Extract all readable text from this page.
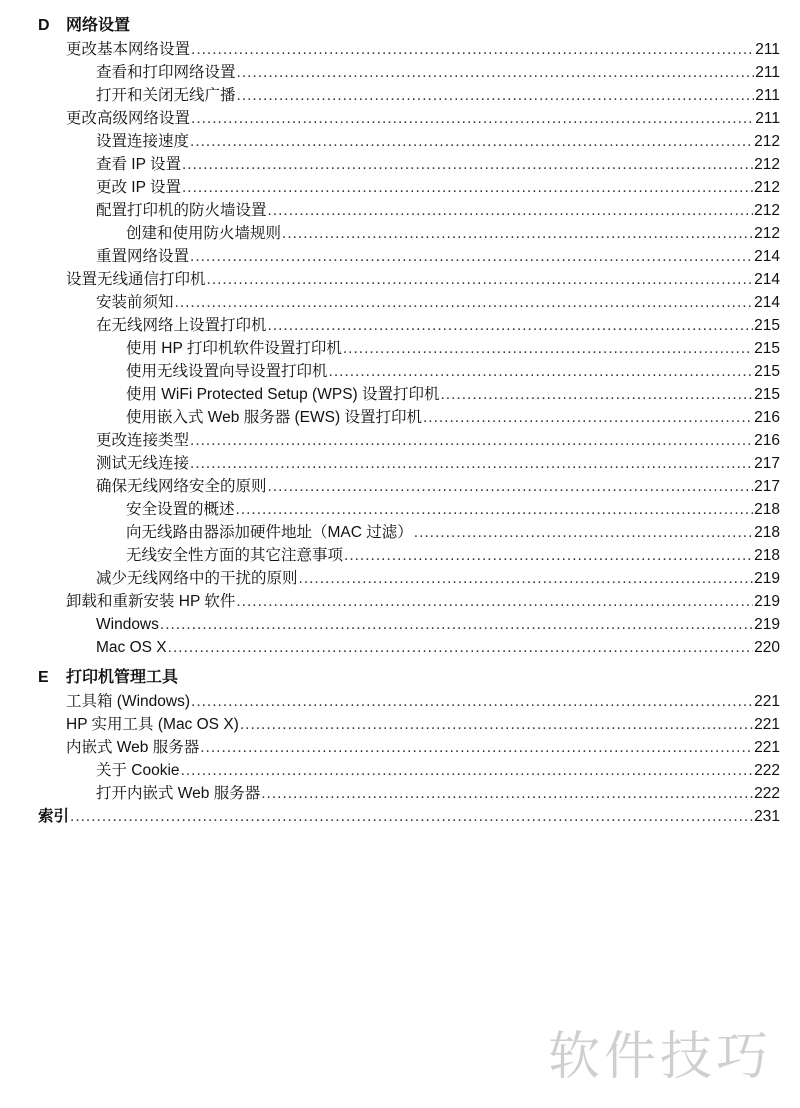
D 网络设置
更改基本网络设置 .....	211
查看和打印网络设置 .....	211
打开和关闭无线广播 .....	211
更改高级网络设置 .....	211
设置连接速度 .....	212
查看 IP 设置 .....	212
更改 IP 设置 .....	212
配置打印机的防火墙设置 .....	212
创建和使用防火墙规则 .....	212
重置网络设置 .....	214
设置无线通信打印机 .....	214
安装前须知 .....	214
在无线网络上设置打印机 .....	215
使用 HP 打印机软件设置打印机 .....	215
使用无线设置向导设置打印机 .....	215
使用 WiFi Protected Setup (WPS) 设置打印机 .....	215
使用嵌入式 Web 服务器 (EWS) 设置打印机 .....	216
更改连接类型 .....	216
测试无线连接 .....	217
确保无线网络安全的原则 .....	217
安全设置的概述 .....	218
向无线路由器添加硬件地址（MAC 过滤） .....	218
无线安全性方面的其它注意事项 .....	218
减少无线网络中的干扰的原则 .....	219
卸载和重新安装 HP 软件 .....	219
Windows .....	219
Mac OS X .....	220
E 打印机管理工具
工具箱 (Windows) .....	221
HP 实用工具 (Mac OS X) .....	221
内嵌式 Web 服务器 .....	221
关于 Cookie .....	222
打开内嵌式 Web 服务器 .....	222
索引 .....	231
软件技巧
